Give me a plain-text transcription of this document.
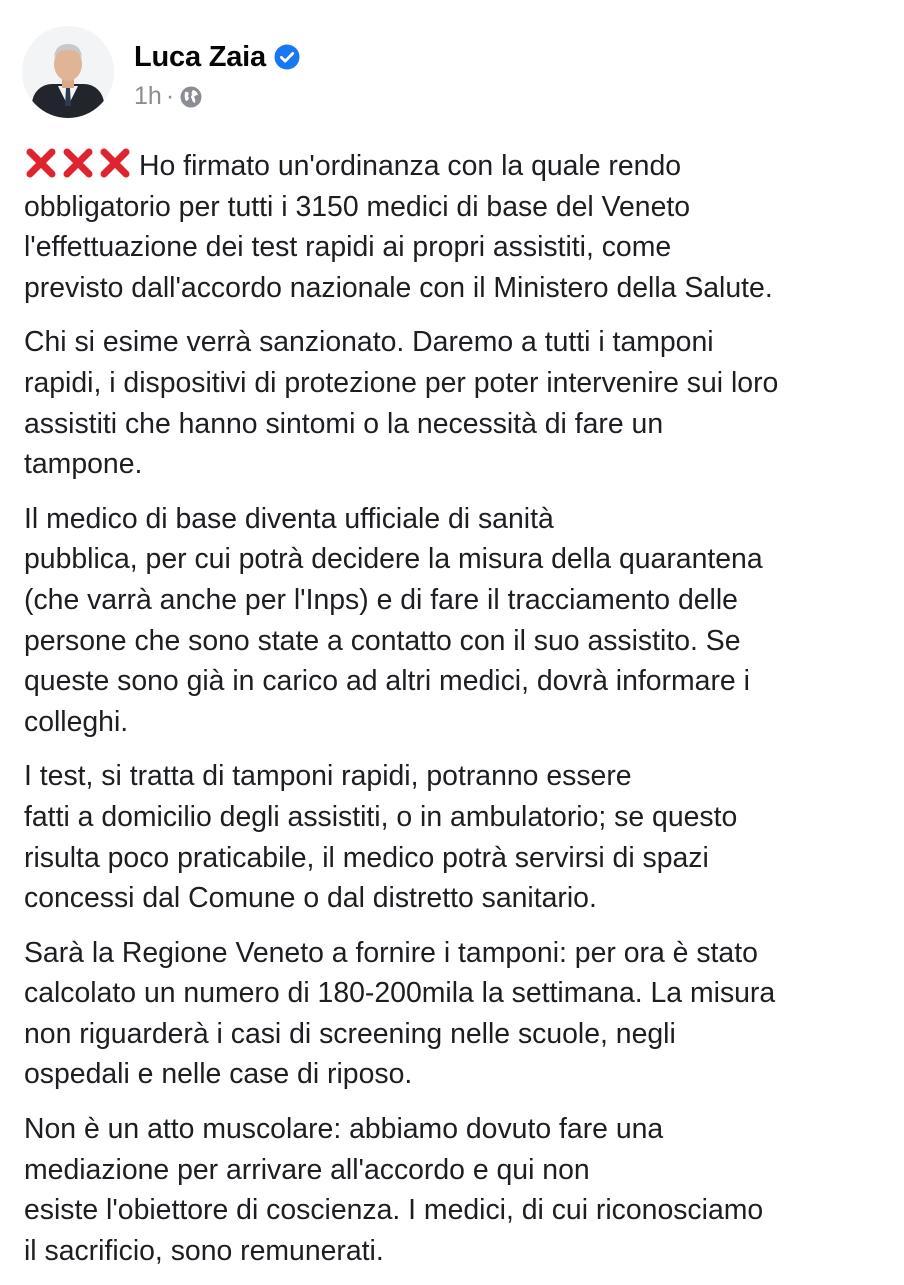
Luca Zaia
1h ·
Ho firmato un'ordinanza con la quale rendo
obbligatorio per tutti i 3150 medici di base del Veneto
l'effettuazione dei test rapidi ai propri assistiti, come
previsto dall'accordo nazionale con il Ministero della Salute.
Chi si esime verrà sanzionato. Daremo a tutti i tamponi
rapidi, i dispositivi di protezione per poter intervenire sui loro
assistiti che hanno sintomi o la necessità di fare un
tampone.
Il medico di base diventa ufficiale di sanità
pubblica, per cui potrà decidere la misura della quarantena
(che varrà anche per l'Inps) e di fare il tracciamento delle
persone che sono state a contatto con il suo assistito. Se
queste sono già in carico ad altri medici, dovrà informare i
colleghi.
I test, si tratta di tamponi rapidi, potranno essere
fatti a domicilio degli assistiti, o in ambulatorio; se questo
risulta poco praticabile, il medico potrà servirsi di spazi
concessi dal Comune o dal distretto sanitario.
Sarà la Regione Veneto a fornire i tamponi: per ora è stato
calcolato un numero di 180-200mila la settimana. La misura
non riguarderà i casi di screening nelle scuole, negli
ospedali e nelle case di riposo.
Non è un atto muscolare: abbiamo dovuto fare una
mediazione per arrivare all'accordo e qui non
esiste l'obiettore di coscienza. I medici, di cui riconosciamo
il sacrificio, sono remunerati.
